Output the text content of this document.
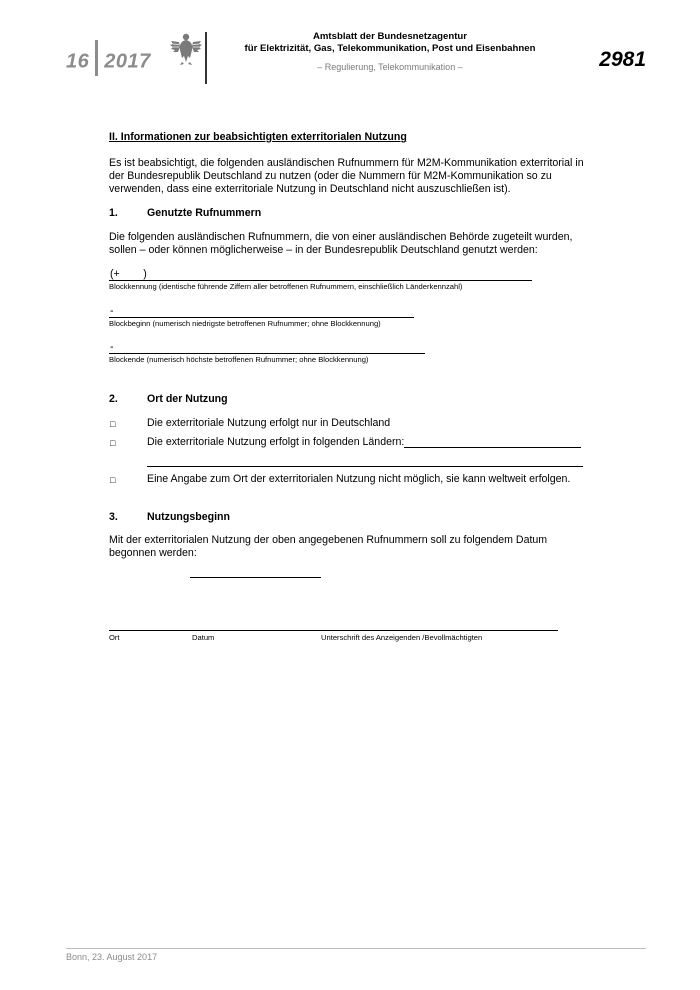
16 2017
Amtsblatt der Bundesnetzagentur
für Elektrizität, Gas, Telekommunikation, Post und Eisenbahnen
– Regulierung, Telekommunikation –	2981
II. Informationen zur beabsichtigten exterritorialen Nutzung
Es ist beabsichtigt, die folgenden ausländischen Rufnummern für M2M-Kommunikation exterritorial in der Bundesrepublik Deutschland zu nutzen (oder die Nummern für M2M-Kommunikation so zu verwenden, dass eine exterritoriale Nutzung in Deutschland nicht auszuschließen ist).
1.	Genutzte Rufnummern
Die folgenden ausländischen Rufnummern, die von einer ausländischen Behörde zugeteilt wurden, sollen – oder können möglicherweise – in der Bundesrepublik Deutschland genutzt werden:
(+        )
Blockkennung (identische führende Ziffern aller betroffenen Rufnummern, einschließlich Länderkennzahl)
-
Blockbeginn (numerisch niedrigste betroffenen Rufnummer; ohne Blockkennung)
-
Blockende (numerisch höchste betroffenen Rufnummer; ohne Blockkennung)
2.	Ort der Nutzung
□	Die exterritoriale Nutzung erfolgt nur in Deutschland
□	Die exterritoriale Nutzung erfolgt in folgenden Ländern:
□	Eine Angabe zum Ort der exterritorialen Nutzung nicht möglich, sie kann weltweit erfolgen.
3.	Nutzungsbeginn
Mit der exterritorialen Nutzung der oben angegebenen Rufnummern soll zu folgendem Datum begonnen werden:
Ort	Datum	Unterschrift des Anzeigenden /Bevollmächtigten
Bonn, 23. August 2017
